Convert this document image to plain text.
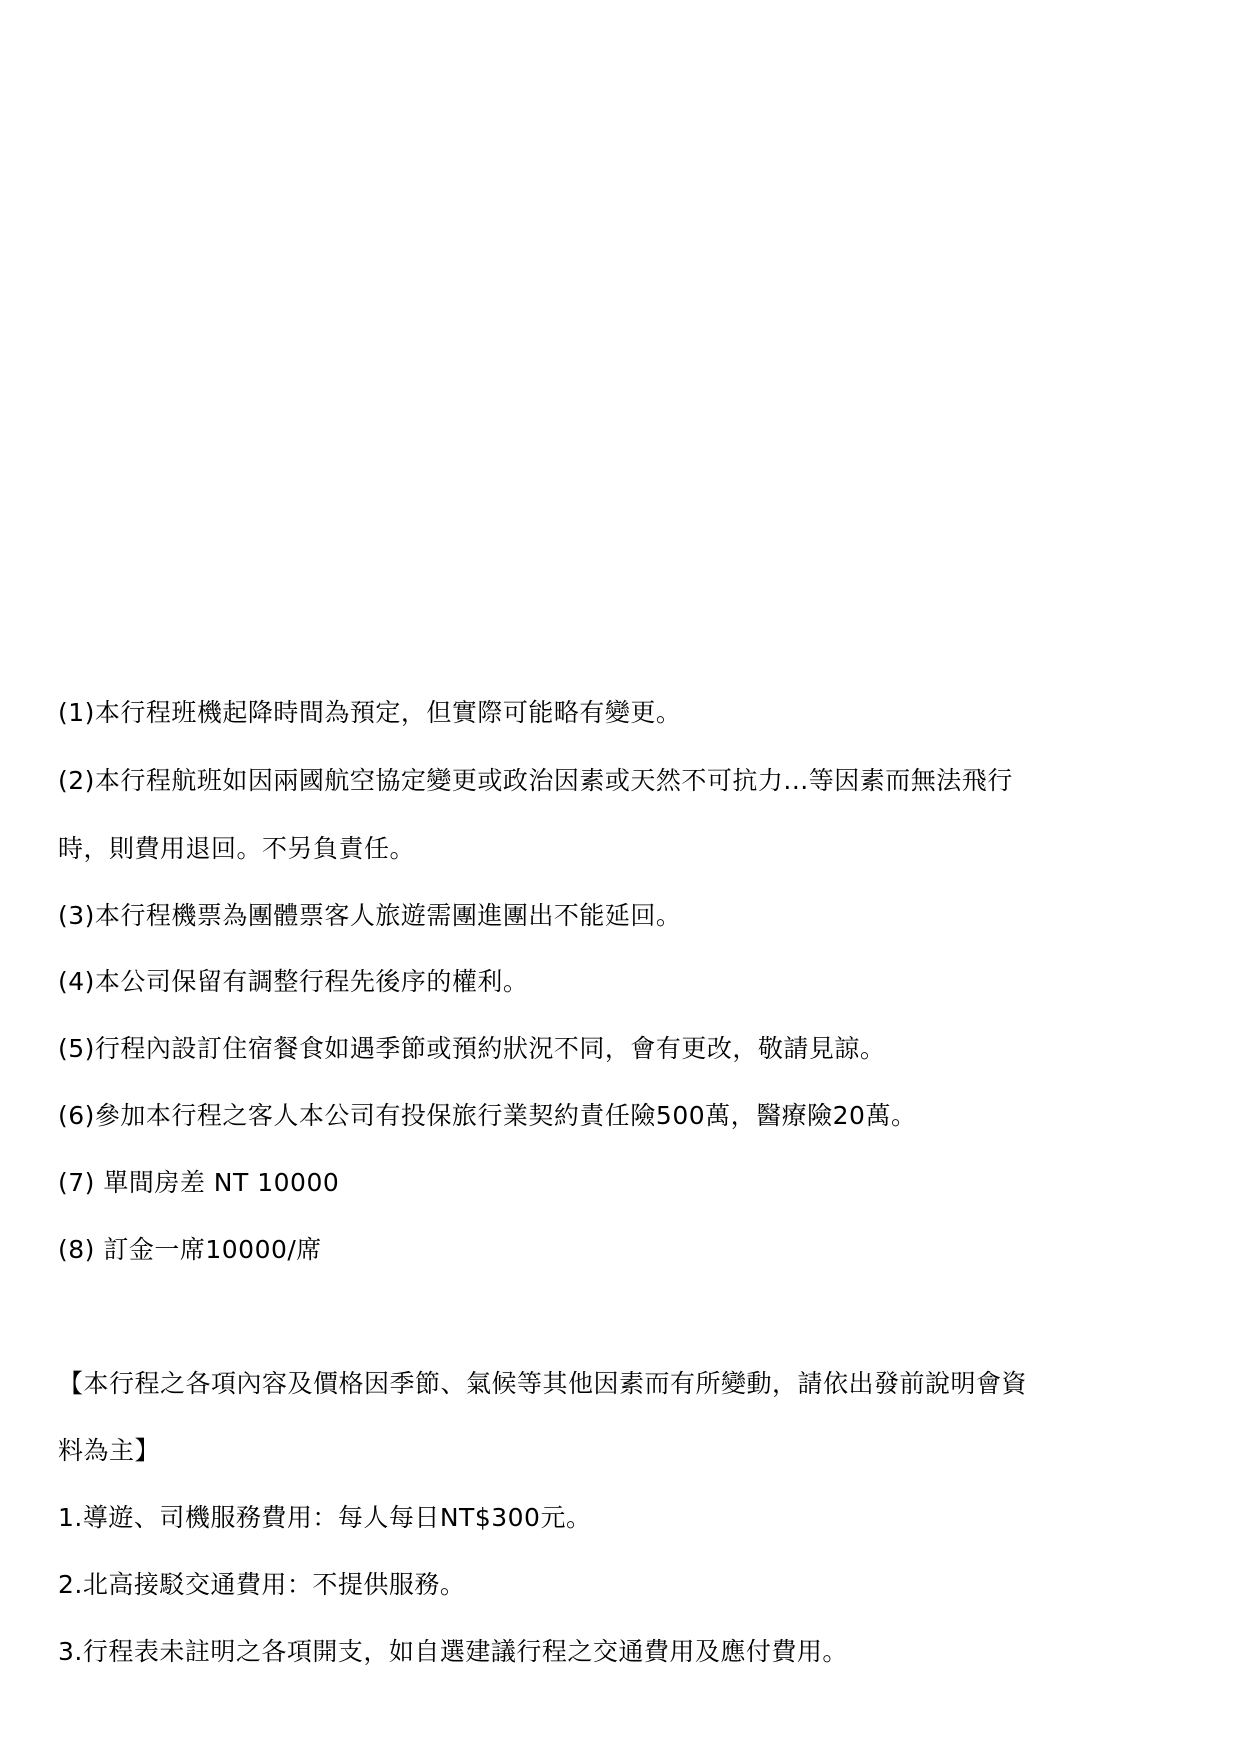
(1)本行程班機起降時間為預定，但實際可能略有變更。
(2)本行程航班如因兩國航空協定變更或政治因素或天然不可抗力...等因素而無法飛行
時，則費用退回。不另負責任。
(3)本行程機票為團體票客人旅遊需團進團出不能延回。
(4)本公司保留有調整行程先後序的權利。
(5)行程內設訂住宿餐食如遇季節或預約狀況不同，會有更改，敬請見諒。
(6)參加本行程之客人本公司有投保旅行業契約責任險500萬，醫療險20萬。
(7) 單間房差 NT 10000
(8) 訂金一席10000/席
【本行程之各項內容及價格因季節、氣候等其他因素而有所變動，請依出發前說明會資
料為主】
1.導遊、司機服務費用：每人每日NT$300元。
2.北高接駁交通費用：不提供服務。
3.行程表未註明之各項開支，如自選建議行程之交通費用及應付費用。
